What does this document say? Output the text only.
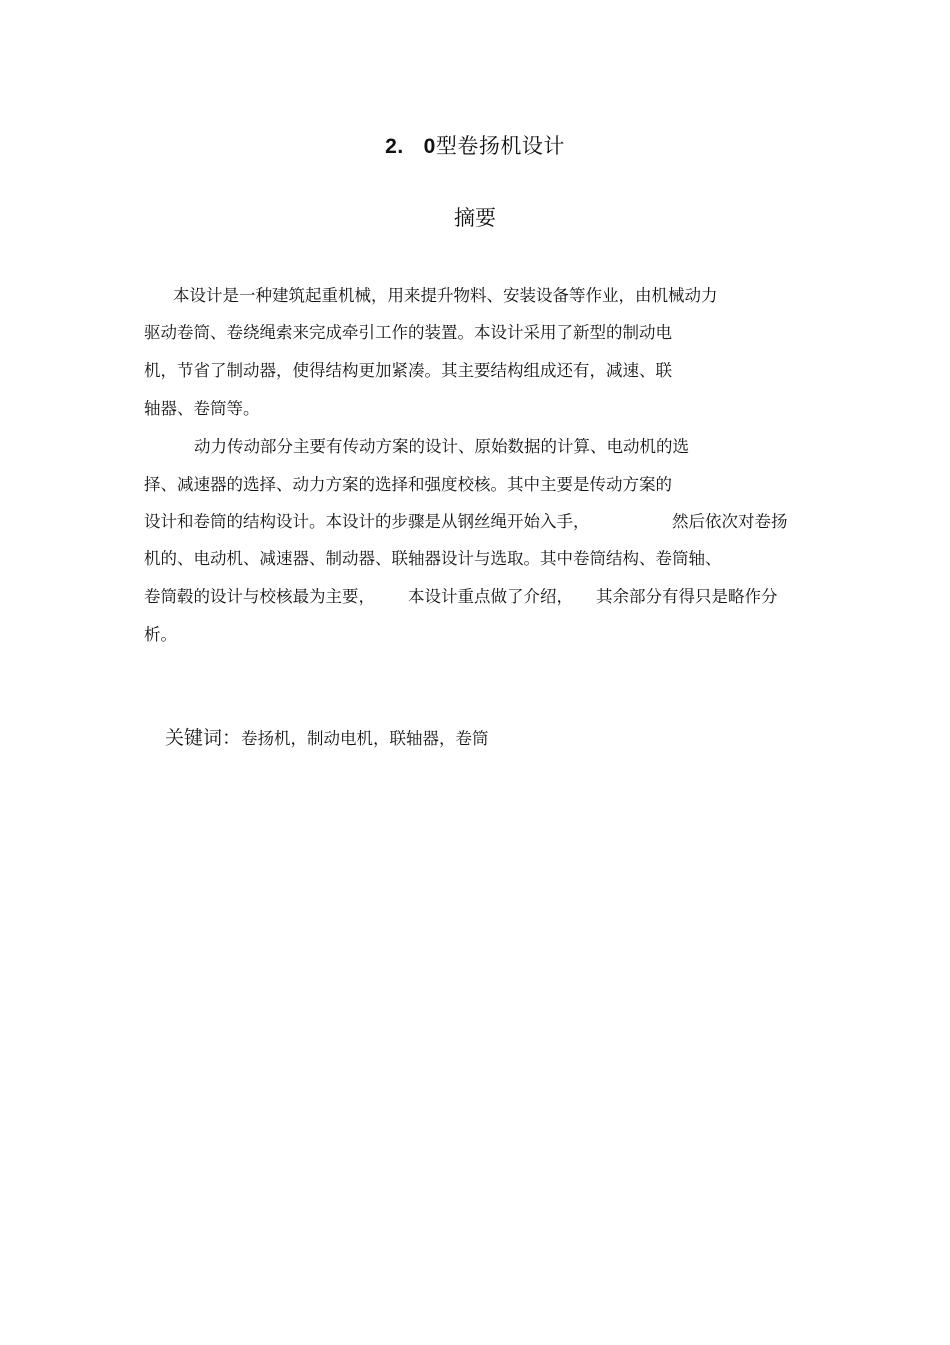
2. 0型卷扬机设计
摘要
本设计是一种建筑起重机械，用来提升物料、安装设备等作业，由机械动力
驱动卷筒、卷绕绳索来完成牵引工作的装置。本设计采用了新型的制动电
机，节省了制动器，使得结构更加紧凑。其主要结构组成还有，减速、联
轴器、卷筒等。
动力传动部分主要有传动方案的设计、原始数据的计算、电动机的选
择、减速器的选择、动力方案的选择和强度校核。其中主要是传动方案的
设计和卷筒的结构设计。本设计的步骤是从钢丝绳开始入手，	然后依次对卷扬
机的、电动机、减速器、制动器、联轴器设计与选取。其中卷筒结构、卷筒轴、
卷筒毂的设计与校核最为主要， 本设计重点做了介绍， 其余部分有得只是略作分
析。

关键词：卷扬机，制动电机，联轴器，卷筒
